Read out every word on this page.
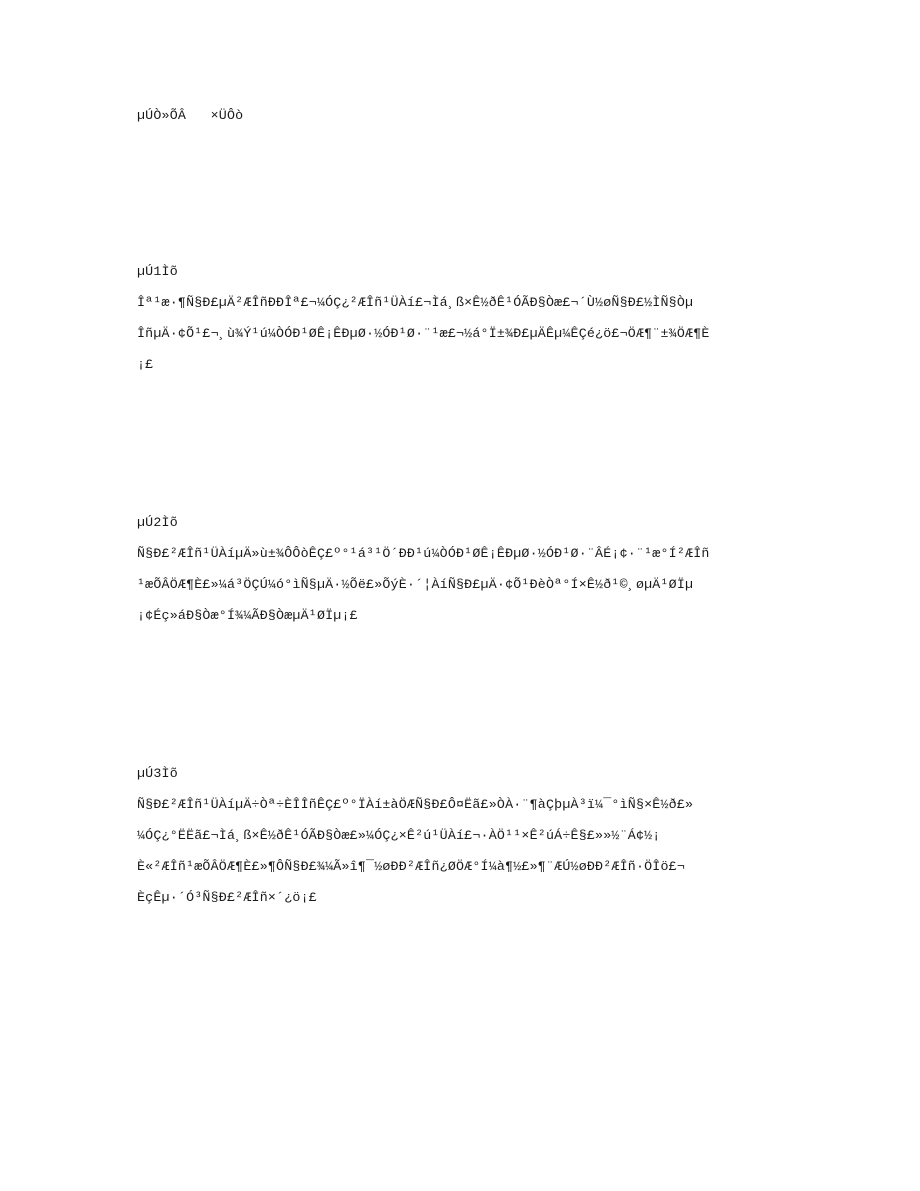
µÚÒ»ÕÂ   ×ÜÔò
µÚ1Ìõ
Îª¹æ·¶Ñ§Ð£µÄ²ÆÎñÐÐÎª£¬¼ÓÇ¿²ÆÎñ¹ÜÀí£¬Ìá¸ß×Ê½ðÊ¹ÓÃÐ§Òæ£¬´Ù½øÑ§Ð£½ÌÑ§Òµ
ÎñµÄ·¢Õ¹£¬¸ù¾Ý¹ú¼ÒÓÐ¹ØÊ¡ÊÐµØ·½ÓÐ¹Ø·¨¹æ£¬½á°Ï±¾Ð£µÄÊµ¼ÊÇé¿ö£¬ÖÆ¶¨±¾ÖÆ¶È
¡£
µÚ2Ìõ
Ñ§Ð£²ÆÎñ¹ÜÀíµÄ»ù±¾ÔÔòÊÇ£º°¹á³¹Ö´ÐÐ¹ú¼ÒÓÐ¹ØÊ¡ÊÐµØ·½ÓÐ¹Ø·¨ÂÉ¡¢·¨¹æ°Í²ÆÎñ
¹æÕÂÖÆ¶È£»¼á³ÖÇÚ¼ó°ìÑ§µÄ·½Õë£»ÕýÈ·´¦ÀíÑ§Ð£µÄ·¢Õ¹ÐèÒª°Í×Ê½ð¹©¸øµÄ¹ØÏµ
¡¢Éç»áÐ§Òæ°Í¾¼ÃÐ§ÒæµÄ¹ØÏµ¡£
µÚ3Ìõ
Ñ§Ð£²ÆÎñ¹ÜÀíµÄ÷Òª÷ÈÎÎñÊÇ£º°ÏÀí±àÖÆÑ§Ð£Ô¤Ëã£»ÒÀ·¨¶àÇþµÀ³ï¼¯°ìÑ§×Ê½ð£»
¼ÓÇ¿°ËËã£¬Ìá¸ß×Ê½ðÊ¹ÓÃÐ§Òæ£»¼ÓÇ¿×Ê²ú¹ÜÀí£¬·ÀÖ¹¹×Ê²úÁ÷Ê§£»»½¨Á¢½¡
È«²ÆÎñ¹æÕÂÖÆ¶È£»¶ÔÑ§Ð£¾¼Ã»î¶¯½øÐÐ²ÆÎñ¿ØÖÆ°Í¼à¶½£»¶¨ÆÚ½øÐÐ²ÆÎñ·ÖÎö£¬
ÈçÊµ·´Ó³Ñ§Ð£²ÆÎñ×´¿ö¡£
